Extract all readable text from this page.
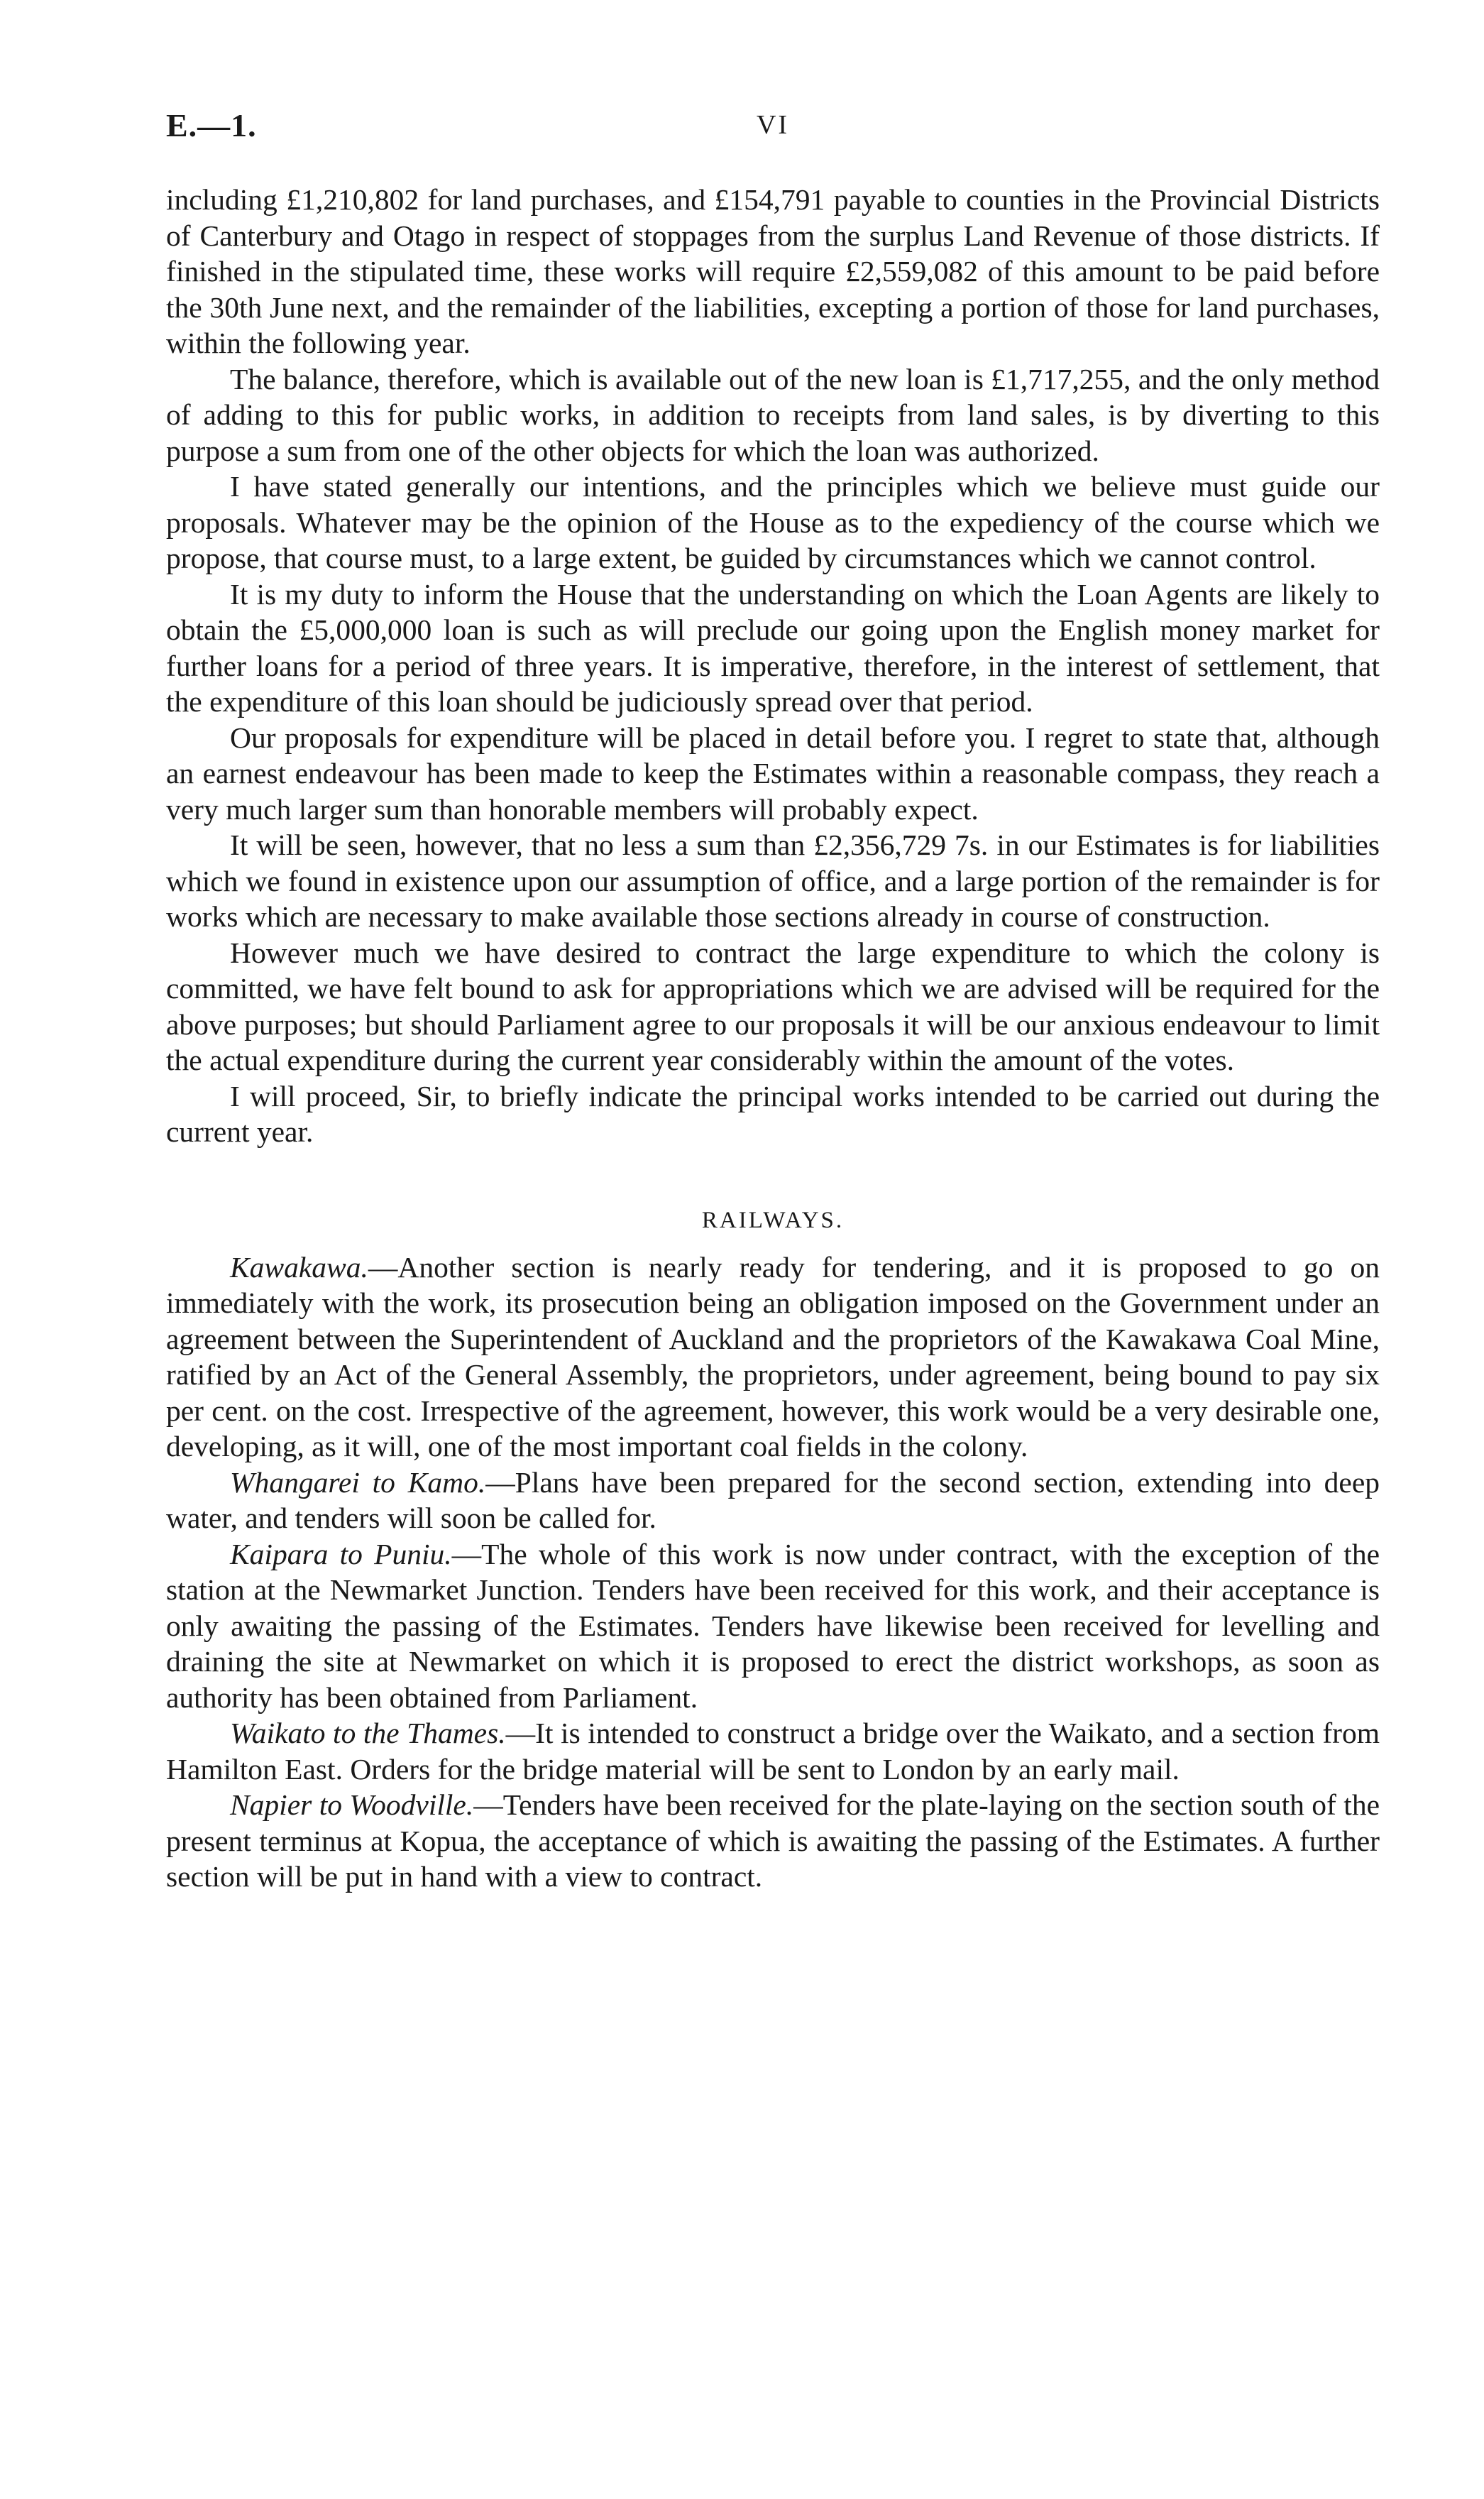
E.—1.	VI

including £1,210,802 for land purchases, and £154,791 payable to counties in the Provincial Districts of Canterbury and Otago in respect of stoppages from the surplus Land Revenue of those districts. If finished in the stipulated time, these works will require £2,559,082 of this amount to be paid before the 30th June next, and the remainder of the liabilities, excepting a portion of those for land purchases, within the following year.

The balance, therefore, which is available out of the new loan is £1,717,255, and the only method of adding to this for public works, in addition to receipts from land sales, is by diverting to this purpose a sum from one of the other objects for which the loan was authorized.

I have stated generally our intentions, and the principles which we believe must guide our proposals. Whatever may be the opinion of the House as to the expediency of the course which we propose, that course must, to a large extent, be guided by circumstances which we cannot control.

It is my duty to inform the House that the understanding on which the Loan Agents are likely to obtain the £5,000,000 loan is such as will preclude our going upon the English money market for further loans for a period of three years. It is imperative, therefore, in the interest of settlement, that the expenditure of this loan should be judiciously spread over that period.

Our proposals for expenditure will be placed in detail before you. I regret to state that, although an earnest endeavour has been made to keep the Estimates within a reasonable compass, they reach a very much larger sum than honorable members will probably expect.

It will be seen, however, that no less a sum than £2,356,729 7s. in our Estimates is for liabilities which we found in existence upon our assumption of office, and a large portion of the remainder is for works which are necessary to make available those sections already in course of construction.

However much we have desired to contract the large expenditure to which the colony is committed, we have felt bound to ask for appropriations which we are advised will be required for the above purposes; but should Parliament agree to our proposals it will be our anxious endeavour to limit the actual expenditure during the current year considerably within the amount of the votes.

I will proceed, Sir, to briefly indicate the principal works intended to be carried out during the current year.

RAILWAYS.

Kawakawa.—Another section is nearly ready for tendering, and it is proposed to go on immediately with the work, its prosecution being an obligation imposed on the Government under an agreement between the Superintendent of Auckland and the proprietors of the Kawakawa Coal Mine, ratified by an Act of the General Assembly, the proprietors, under agreement, being bound to pay six per cent. on the cost. Irrespective of the agreement, however, this work would be a very desirable one, developing, as it will, one of the most important coal fields in the colony.

Whangarei to Kamo.—Plans have been prepared for the second section, extending into deep water, and tenders will soon be called for.

Kaipara to Puniu.—The whole of this work is now under contract, with the exception of the station at the Newmarket Junction. Tenders have been received for this work, and their acceptance is only awaiting the passing of the Estimates. Tenders have likewise been received for levelling and draining the site at Newmarket on which it is proposed to erect the district workshops, as soon as authority has been obtained from Parliament.

Waikato to the Thames.—It is intended to construct a bridge over the Waikato, and a section from Hamilton East. Orders for the bridge material will be sent to London by an early mail.

Napier to Woodville.—Tenders have been received for the plate-laying on the section south of the present terminus at Kopua, the acceptance of which is awaiting the passing of the Estimates. A further section will be put in hand with a view to contract.
